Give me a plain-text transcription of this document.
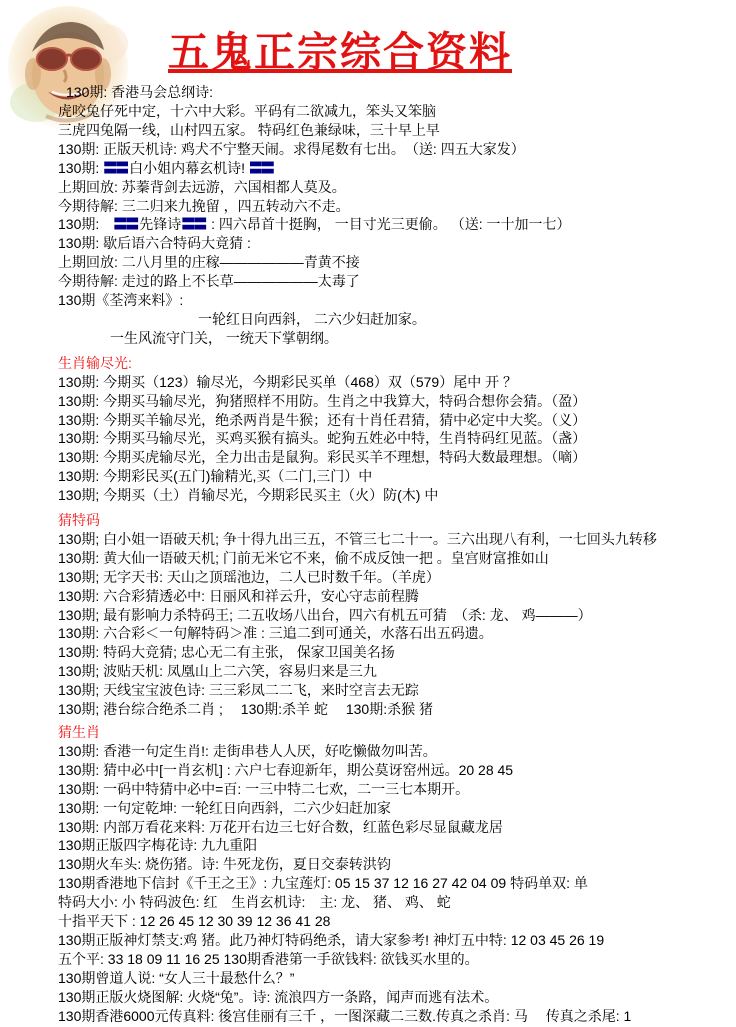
五鬼正宗综合资料
130期: 香港马会总纲诗:
虎咬兔仔死中定，十六中大彩。平码有二欲减九，笨头又笨脑
三虎四兔隔一线，山村四五家。 特码红色兼绿味，三十早上早
130期: 正版天机诗: 鸡犬不宁整天闹。求得尾数有七出。　（送: 四五大家发）
130期: 〓〓 白小姐内幕玄机诗! 〓〓
上期回放: 苏蓁背剑去远游，六国相都人莫及。
今期待解: 三二归来九挽留 ，四五转动六不走。
130期:　〓〓 先锋诗〓〓 : 四六昂首十挺胸， 一目寸光三更偷。 （送: 一十加一七）
130期: 歇后语六合特码大竟猜 :
上期回放: 二八月里的庄稼——————青黄不接
今期待解: 走过的路上不长草——————太毒了
130期《荃湾来料》:
一轮红日向西斜， 二六少妇赶加家。
一生风流守门关， 一统天下掌朝纲。
生肖输尽光:
130期: 今期买（123）输尽光，今期彩民买单（468）双（579）尾中 开 ？
130期: 今期买马输尽光，狗猪照样不用防。生肖之中我算大，特码合想你会猜。（盈）
130期: 今期买羊输尽光，绝杀两肖是牛猴；还有十肖任君猜，猜中必定中大奖。（义）
130期: 今期买马输尽光，买鸡买猴有搞头。蛇狗五姓必中特，生肖特码红见蓝。（盏）
130期: 今期买虎输尽光，全力出击是鼠狗。彩民买羊不理想，特码大数最理想。（嘀）
130期: 今期彩民买(五门)输精光,买（二门,三门）中
130期; 今期买（土）肖输尽光，今期彩民买主（火）防(木) 中
猜特码
130期; 白小姐一语破天机; 争十得九出三五，不管三七二十一。三六出现八有利，一七回头九转移
130期: 黄大仙一语破天机; 门前无米它不来，偷不成反蚀一把 。皇宫财富推如山
130期; 无字天书: 天山之顶瑶池边，二人已时数千年。（羊虎）
130期: 六合彩猜透必中: 日丽风和祥云升，安心守志前程腾
130期; 最有影响力杀特码王; 二五收场八出台，四六有机五可猜　（杀: 龙、 鸡———）
130期: 六合彩＜一句解特码＞准 : 三追二到可通关，水落石出五码遗。
130期: 特码大竞猜; 忠心无二有主张， 保家卫国美名扬
130期; 波贴天机: 凤凰山上二六笑，容易归来是三九
130期; 天线宝宝波色诗: 三三彩凤二二飞，来时空言去无踪
130期; 港台综合绝杀二肖 ;　 130期:杀羊 蛇　 130期:杀猴 猪
猜生肖
130期: 香港一句定生肖!: 走街串巷人人厌，好吃懒做勿叫苦。
130期: 猜中必中[一肖玄机] : 六户七春迎新年，期公莫讶窑州远。20 28 45
130期: 一码中特猜中必中=百: 一三中特二七欢，二一三七本期开。
130期: 一句定乾坤: 一轮红日向西斜，二六少妇赶加家
130期: 内部万看花来料: 万花开右边三七好合数，红蓝色彩尽显鼠藏龙居
130期正版四字梅花诗: 九九重阳
130期火车头: 烧伤猪。诗: 牛死龙伤，夏日交泰转洪钧
130期香港地下信封《千王之王》: 九宝莲灯: 05 15 37 12 16 27 42 04 09 特码单双: 单
特码大小: 小 特码波色: 红　生肖玄机诗:　主: 龙、 猪、 鸡、 蛇
十指平天下 : 12 26 45 12 30 39 12 36 41 28
130期正版神灯禁支:鸡 猪。此乃神灯特码绝杀，请大家参考! 神灯五中特: 12 03 45 26 19
五个平: 33 18 09 11 16 25 130期香港第一手欲钱料: 欲钱买水里的。
130期曾道人说: “女人三十最愁什么？”
130期正版火烧图解: 火烧“兔”。诗: 流浪四方一条路，闻声而逃有法术。
130期香港6000元传真料: 後宫佳丽有三千 ，一图深藏二三数.传真之杀肖: 马　 传真之杀尾: 1
